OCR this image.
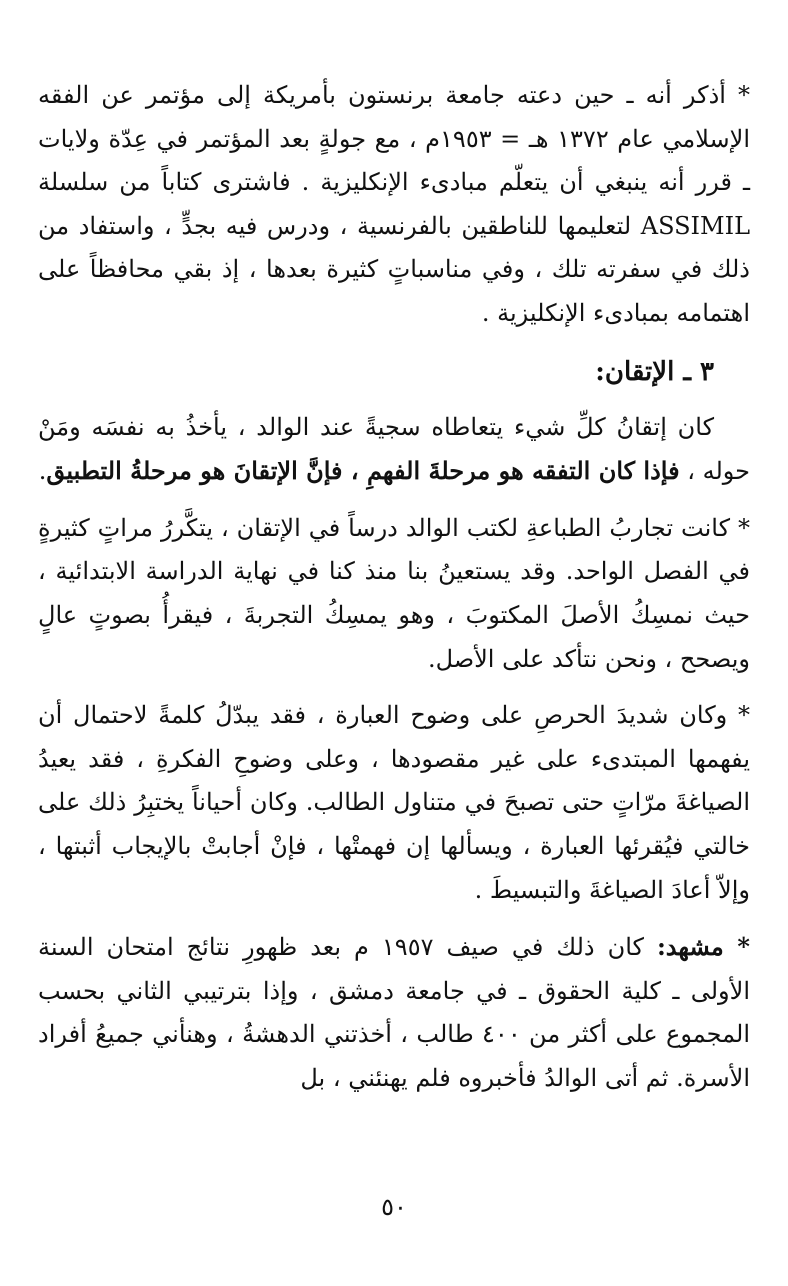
* أذكر أنه ـ حين دعته جامعة برنستون بأمريكة إلى مؤتمر عن الفقه الإسلامي عام ١٣٧٢ هـ = ١٩٥٣م ، مع جولةٍ بعد المؤتمر في عِدّة ولايات ـ قرر أنه ينبغي أن يتعلّم مبادىء الإنكليزية . فاشترى كتاباً من سلسلة ASSIMIL لتعليمها للناطقين بالفرنسية ، ودرس فيه بجدٍّ ، واستفاد من ذلك في سفرته تلك ، وفي مناسباتٍ كثيرة بعدها ، إذ بقي محافظاً على اهتمامه بمبادىء الإنكليزية .

٣ ـ الإتقان:

كان إتقانُ كلِّ شيء يتعاطاه سجيةً عند الوالد ، يأخذُ به نفسَه ومَنْ حوله ، فإذا كان التفقه هو مرحلةَ الفهمِ ، فإنَّ الإتقانَ هو مرحلةُ التطبيق.

* كانت تجاربُ الطباعةِ لكتب الوالد درساً في الإتقان ، يتكَّررُ مراتٍ كثيرةٍ في الفصل الواحد. وقد يستعينُ بنا منذ كنا في نهاية الدراسة الابتدائية ، حيث نمسِكُ الأصلَ المكتوبَ ، وهو يمسِكُ التجربةَ ، فيقرأُ بصوتٍ عالٍ ويصحح ، ونحن نتأكد على الأصل.

* وكان شديدَ الحرصِ على وضوح العبارة ، فقد يبدّلُ كلمةً لاحتمال أن يفهمها المبتدىء على غير مقصودها ، وعلى وضوحِ الفكرةِ ، فقد يعيدُ الصياغةَ مرّاتٍ حتى تصبحَ في متناول الطالب. وكان أحياناً يختبِرُ ذلك على خالتي فيُقرئها العبارة ، ويسألها إن فهمتْها ، فإنْ أجابتْ بالإيجاب أثبتها ، وإلاّ أعادَ الصياغةَ والتبسيطَ .

* مشهد: كان ذلك في صيف ١٩٥٧ م بعد ظهورِ نتائج امتحان السنة الأولى ـ كلية الحقوق ـ في جامعة دمشق ، وإذا بترتيبي الثاني بحسب المجموع على أكثر من ٤٠٠ طالب ، أخذتني الدهشةُ ، وهنأني جميعُ أفراد الأسرة. ثم أتى الوالدُ فأخبروه فلم يهنئني ، بل

٥٠
